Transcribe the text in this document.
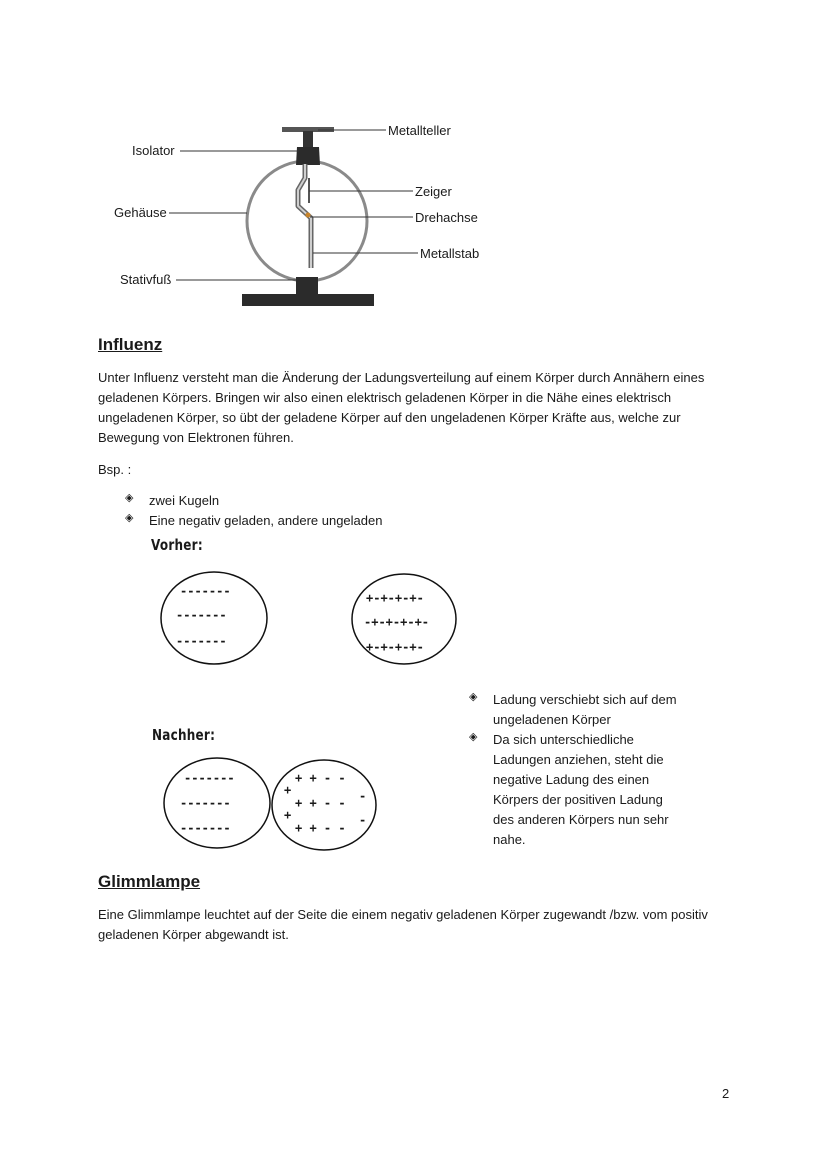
Metallteller
Isolator
Zeiger
Gehäuse	Drehachse
Metallstab
Stativfuß
Influenz

Unter Influenz versteht man die Änderung der Ladungsverteilung auf einem Körper durch Annähern eines geladenen Körpers. Bringen wir also einen elektrisch geladenen Körper in die Nähe eines elektrisch ungeladenen Körper, so übt der geladene Körper auf den ungeladenen Körper Kräfte aus, welche zur Bewegung von Elektronen führen.

Bsp. :
◈	zwei Kugeln
◈	Eine negativ geladen, andere ungeladen
Vorher:
-------
-------
-------
+-+-+-+-
-+-+-+-+-
+-+-+-+-
Nachher:
-------
-------
-------
+ + - -
+ + - -
+ + - -
+
+
-
-
◈	Ladung verschiebt sich auf dem ungeladenen Körper
◈	Da sich unterschiedliche Ladungen anziehen, steht die negative Ladung des einen Körpers der positiven Ladung des anderen Körpers nun sehr nahe.
Glimmlampe

Eine Glimmlampe leuchtet auf der Seite die einem negativ geladenen Körper zugewandt /bzw. vom positiv geladenen Körper abgewandt ist.

2
